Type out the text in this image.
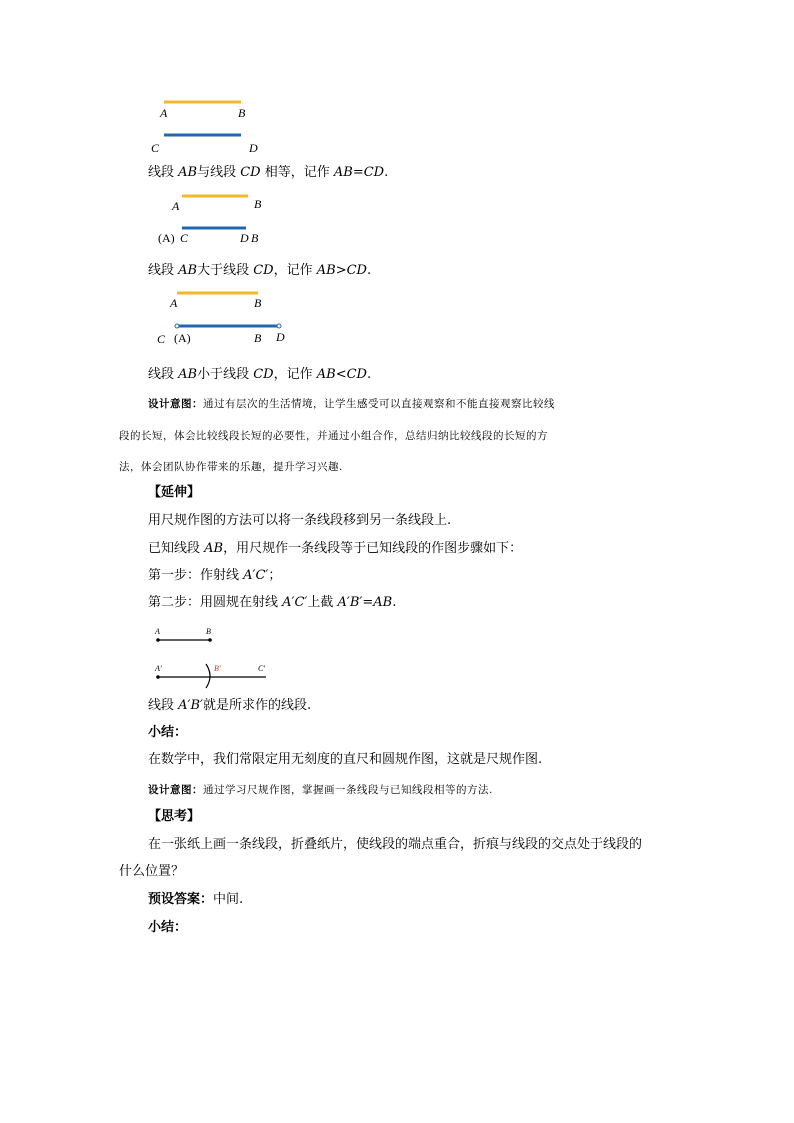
A	B
C	D
线段 AB与线段 CD 相等，记作 AB=CD.
A	B
(A) C	D B
线段 AB大于线段 CD，记作 AB>CD.
A	B
C (A)	B D
线段 AB小于线段 CD，记作 AB<CD.
设计意图：通过有层次的生活情境，让学生感受可以直接观察和不能直接观察比较线
段的长短，体会比较线段长短的必要性，并通过小组合作，总结归纳比较线段的长短的方
法，体会团队协作带来的乐趣，提升学习兴趣.
【延伸】
用尺规作图的方法可以将一条线段移到另一条线段上.
已知线段 AB，用尺规作一条线段等于已知线段的作图步骤如下：
第一步：作射线 A′C′；
第二步：用圆规在射线 A′C′上截 A′B′=AB.
A	B
A′	B′	C′
线段 A′B′就是所求作的线段.
小结：
在数学中，我们常限定用无刻度的直尺和圆规作图，这就是尺规作图.
设计意图：通过学习尺规作图，掌握画一条线段与已知线段相等的方法.
【思考】
在一张纸上画一条线段，折叠纸片，使线段的端点重合，折痕与线段的交点处于线段的
什么位置？
预设答案：中间.
小结：
